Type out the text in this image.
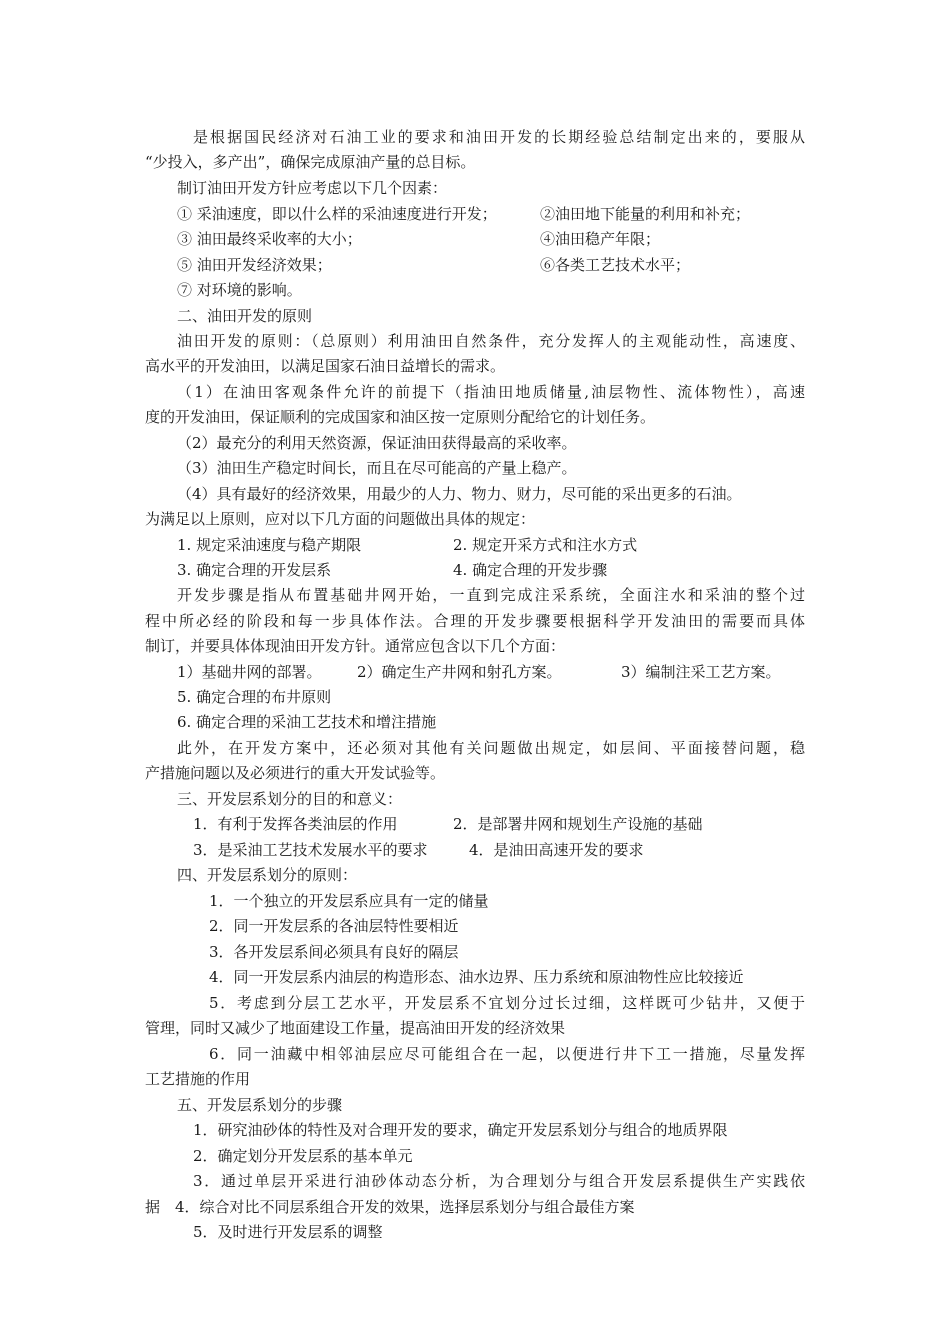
是根据国民经济对石油工业的要求和油田开发的长期经验总结制定出来的，要服从
“少投入，多产出”，确保完成原油产量的总目标。
制订油田开发方针应考虑以下几个因素：
① 采油速度，即以什么样的采油速度进行开发；	②油田地下能量的利用和补充；
③ 油田最终采收率的大小；	④油田稳产年限；
⑤ 油田开发经济效果；	⑥各类工艺技术水平；
⑦ 对环境的影响。
二、油田开发的原则
油田开发的原则：（总原则）利用油田自然条件，充分发挥人的主观能动性，高速度、
高水平的开发油田，以满足国家石油日益增长的需求。
（1）在油田客观条件允许的前提下（指油田地质储量,油层物性、流体物性），高速
度的开发油田，保证顺利的完成国家和油区按一定原则分配给它的计划任务。
（2）最充分的利用天然资源，保证油田获得最高的采收率。
（3）油田生产稳定时间长，而且在尽可能高的产量上稳产。
（4）具有最好的经济效果，用最少的人力、物力、财力，尽可能的采出更多的石油。
为满足以上原则，应对以下几方面的问题做出具体的规定：
1. 规定采油速度与稳产期限	2. 规定开采方式和注水方式
3. 确定合理的开发层系	4. 确定合理的开发步骤
开发步骤是指从布置基础井网开始，一直到完成注采系统，全面注水和采油的整个过
程中所必经的阶段和每一步具体作法。合理的开发步骤要根据科学开发油田的需要而具体
制订，并要具体体现油田开发方针。通常应包含以下几个方面：
1）基础井网的部署。 2）确定生产井网和射孔方案。	3）编制注采工艺方案。
5. 确定合理的布井原则
6. 确定合理的采油工艺技术和增注措施
此外，在开发方案中，还必须对其他有关问题做出规定，如层间、平面接替问题，稳
产措施问题以及必须进行的重大开发试验等。
三、开发层系划分的目的和意义：
1．有利于发挥各类油层的作用	2．是部署井网和规划生产设施的基础
3．是采油工艺技术发展水平的要求	4．是油田高速开发的要求
四、开发层系划分的原则：
1．一个独立的开发层系应具有一定的储量
2．同一开发层系的各油层特性要相近
3．各开发层系间必须具有良好的隔层
4．同一开发层系内油层的构造形态、油水边界、压力系统和原油物性应比较接近
5．考虑到分层工艺水平，开发层系不宜划分过长过细，这样既可少钻井，又便于
管理，同时又减少了地面建设工作量，提高油田开发的经济效果
6．同一油藏中相邻油层应尽可能组合在一起，以便进行井下工一措施，尽量发挥
工艺措施的作用
五、开发层系划分的步骤
1．研究油砂体的特性及对合理开发的要求，确定开发层系划分与组合的地质界限
2．确定划分开发层系的基本单元
3．通过单层开采进行油砂体动态分析，为合理划分与组合开发层系提供生产实践依
据　4．综合对比不同层系组合开发的效果，选择层系划分与组合最佳方案
5．及时进行开发层系的调整
